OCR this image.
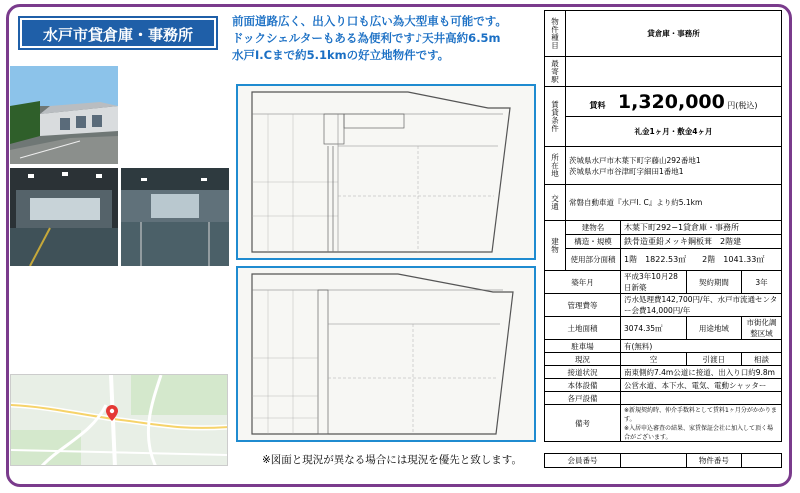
水戸市貸倉庫・事務所
前面道路広く、出入り口も広い為大型車も可能です。
ドックシェルターもある為便利です♪天井高約6.5m
水戸I.Cまで約5.1kmの好立地物件です。
※図面と現況が異なる場合には現況を優先と致します。
物件種目	貸倉庫・事務所			
最寄駅				
賃貸条件	賃料 1,320,000 円(税込)			
	礼金1ヶ月・敷金4ヶ月			
所在地	茨城県水戸市木葉下町字藤山292番地1
茨城県水戸市谷津町字細田1番地1			

交通	常磐自動車道『水戸I. C』より約5.1km			
建物	建物名	木葉下町292−1貸倉庫・事務所		
	構造・規模	鉄骨造亜鉛メッキ鋼板葺　2階建		
	使用部分面積	1階　1822.53㎡　　2階　1041.33㎡		
築年月		平成3年10月28日新築	契約期間	3年
管理費等		汚水処理費142,700円/年、水戸市流通センター会費14,000円/年		
土地面積		3074.35㎡	用途地域	市街化調整区域
駐車場		有(無料)		
現況		空	引渡日	相談
接道状況		南東側約7.4m公道に接道、出入り口約9.8m		
本体設備		公営水道、本下水、電気、電動シャッター		
各戸設備				
備考		※新規契約時、仲介手数料として賃料1ヶ月分がかかります。
※入居申込審査の結果、家賃保証会社に加入して頂く場合がございます。		

会員番号			物件番号	
